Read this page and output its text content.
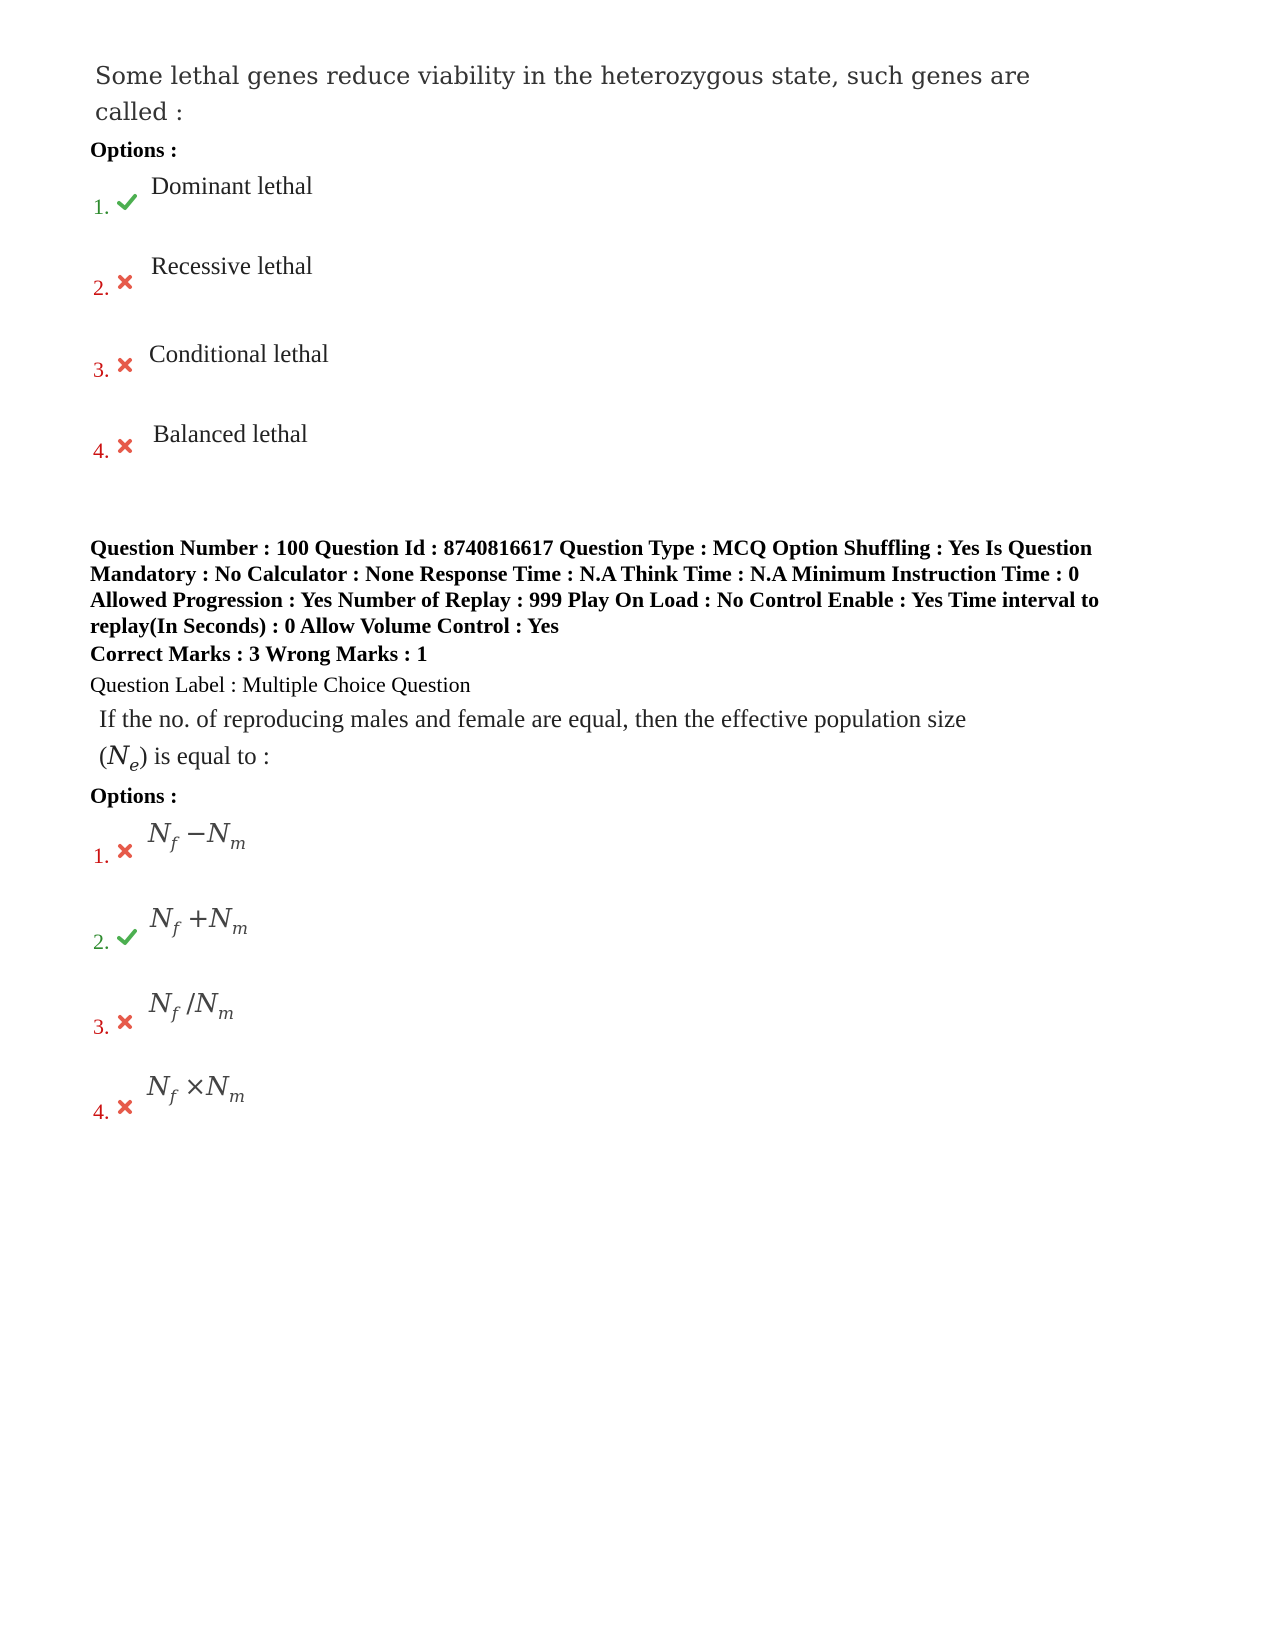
Some lethal genes reduce viability in the heterozygous state, such genes are
called :
Options :
1.
Dominant lethal
2.
Recessive lethal
3.
Conditional lethal
4.
Balanced lethal
Question Number : 100 Question Id : 8740816617 Question Type : MCQ Option Shuffling : Yes Is Question
Mandatory : No Calculator : None Response Time : N.A Think Time : N.A Minimum Instruction Time : 0
Allowed Progression : Yes Number of Replay : 999 Play On Load : No Control Enable : Yes Time interval to
replay(In Seconds) : 0 Allow Volume Control : Yes
Correct Marks : 3 Wrong Marks : 1
Question Label : Multiple Choice Question
If the no. of reproducing males and female are equal, then the effective population size
$(N_e)$ is equal to :
Options :
1.
$N_f -N_m$
2.
$N_f +N_m$
3.
$N_f$ $/N_m$
4.
$N_f \times N_m$
